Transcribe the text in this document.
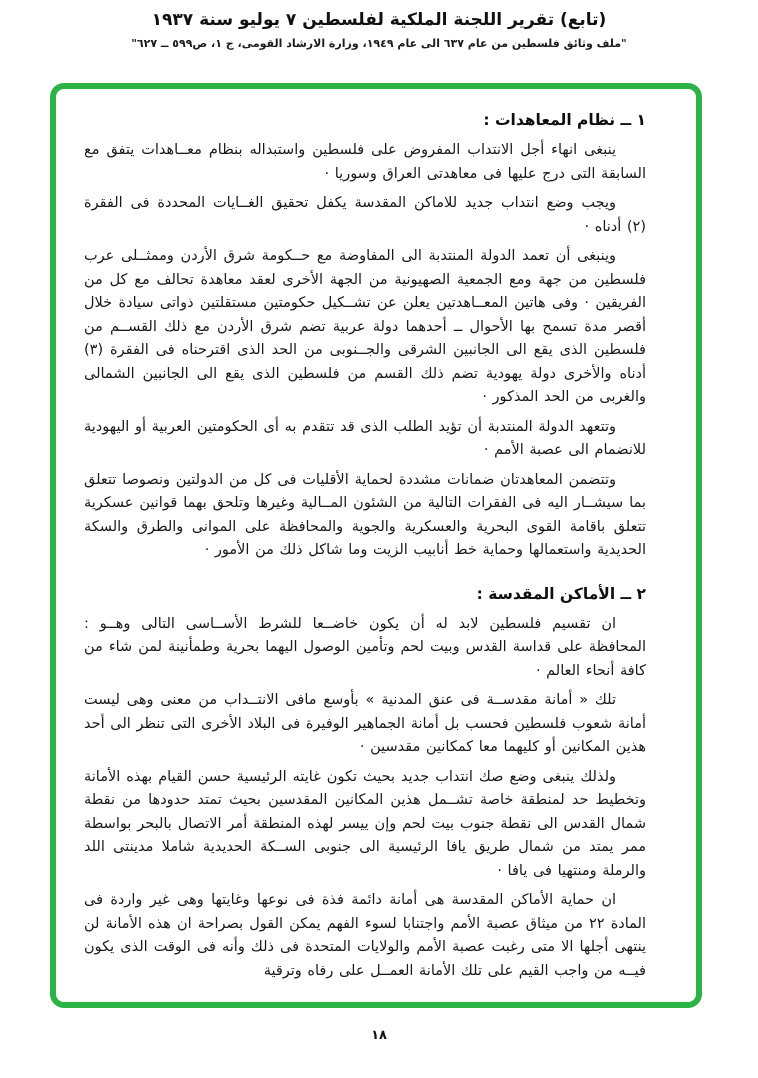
(تابع) تقرير اللجنة الملكية لفلسطين ٧ يوليو سنة ١٩٣٧
"ملف وثائق فلسطين من عام ٦٣٧ الى عام ١٩٤٩، وزارة الارشاد القومى، ج ١، ص٥٩٩ ــ ٦٢٧"
١ ــ نظام المعاهدات :

ينبغى انهاء أجل الانتداب المفروض على فلسطين واستبداله بنظام معــاهدات يتفق مع السابقة التى درج عليها فى معاهدتى العراق وسوريا ·

ويجب وضع انتداب جديد للاماكن المقدسة يكفل تحقيق الغــايات المحددة فى الفقرة (٢) أدناه ·

وينبغى أن تعمد الدولة المنتدبة الى المفاوضة مع حــكومة شرق الأردن وممثــلى عرب فلسطين من جهة ومع الجمعية الصهيونية من الجهة الأخرى لعقد معاهدة تحالف مع كل من الفريقين · وفى هاتين المعــاهدتين يعلن عن تشــكيل حكومتين مستقلتين ذواتى سيادة خلال أقصر مدة تسمح بها الأحوال ــ أحدهما دولة عربية تضم شرق الأردن مع ذلك القســم من فلسطين الذى يقع الى الجانبين الشرقى والجــنوبى من الحد الذى اقترحناه فى الفقرة (٣) أدناه والأخرى دولة يهودية تضم ذلك القسم من فلسطين الذى يقع الى الجانبين الشمالى والغربى من الحد المذكور ·

وتتعهد الدولة المنتدبة أن تؤيد الطلب الذى قد تتقدم به أى الحكومتين العربية أو اليهودية للانضمام الى عصبة الأمم ·

وتتضمن المعاهدتان ضمانات مشددة لحماية الأقليات فى كل من الدولتين ونصوصا تتعلق بما سيشــار اليه فى الفقرات التالية من الشئون المــالية وغيرها وتلحق بهما قوانين عسكرية تتعلق باقامة القوى البحرية والعسكرية والجوية والمحافظة على الموانى والطرق والسكة الحديدية واستعمالها وحماية خط أنابيب الزيت وما شاكل ذلك من الأمور ·

٢ ــ الأماكن المقدسة :

ان تقسيم فلسطين لابد له أن يكون خاضــعا للشرط الأســاسى التالى وهــو : المحافظة على قداسة القدس وبيت لحم وتأمين الوصول اليهما بحرية وطمأنينة لمن شاء من كافة أنحاء العالم ·

تلك « أمانة مقدســة فى عنق المدنية » بأوسع مافى الانتــداب من معنى وهى ليست أمانة شعوب فلسطين فحسب بل أمانة الجماهير الوفيرة فى البلاد الأخرى التى تنظر الى أحد هذين المكانين أو كليهما معا كمكانين مقدسين ·

ولذلك ينبغى وضع صك انتداب جديد بحيث تكون غايته الرئيسية حسن القيام بهذه الأمانة وتخطيط حد لمنطقة خاصة تشــمل هذين المكانين المقدسين بحيث تمتد حدودها من نقطة شمال القدس الى نقطة جنوب بيت لحم وإن ييسر لهذه المنطقة أمر الاتصال بالبحر بواسطة ممر يمتد من شمال طريق يافا الرئيسية الى جنوبى الســكة الحديدية شاملا مدينتى اللد والرملة ومنتهيا فى يافا ·

ان حماية الأماكن المقدسة هى أمانة دائمة فذة فى نوعها وغايتها وهى غير واردة فى المادة ٢٢ من ميثاق عصبة الأمم واجتنابا لسوء الفهم يمكن القول بصراحة ان هذه الأمانة لن ينتهى أجلها الا متى رغبت عصبة الأمم والولايات المتحدة فى ذلك وأنه فى الوقت الذى يكون فيــه من واجب القيم على تلك الأمانة العمــل على رفاه وترقية

١٨
